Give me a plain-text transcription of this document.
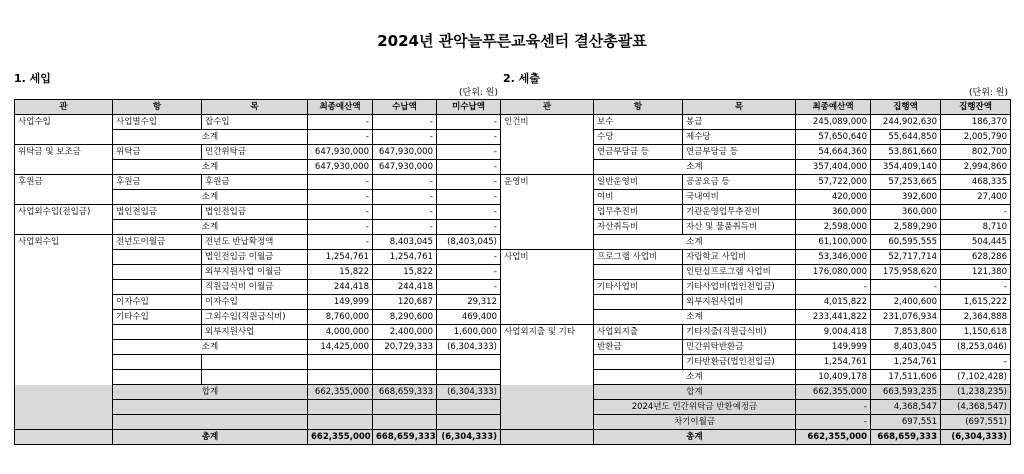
2024년 관악늘푸른교육센터 결산총괄표
1. 세입
(단위: 원)
2. 세출
(단위: 원)
관	항	목	최종예산액	수납액	미수납액
사업수입	사업별수입	잡수입	-	-	-
	소계		-	-	-
위탁금 및 보조금	위탁금	민간위탁금	647,930,000	647,930,000	-
	소계		647,930,000	647,930,000	-
후원금	후원금	후원금	-	-	-
	소계		-	-	-
사업외수입(전입금)	법인전입금	법인전입금	-	-	-
	소계		-	-	-
사업외수입	전년도이월금	전년도 반납확정액	-	8,403,045	(8,403,045)
		법인전입금 이월금	1,254,761	1,254,761	-
		외부지원사업 이월금	15,822	15,822	-
		직원급식비 이월금	244,418	244,418	-
	이자수입	이자수입	149,999	120,687	29,312
	기타수입	그외수입(직원급식비)	8,760,000	8,290,600	469,400
		외부지원사업	4,000,000	2,400,000	1,600,000
	소계		14,425,000	20,729,333	(6,304,333)

	합계		662,355,000	668,659,333	(6,304,333)

	총계		662,355,000	668,659,333	(6,304,333)
관	항	목	최종예산액	집행액	집행잔액
인건비	보수	봉급	245,089,000	244,902,630	186,370
	수당	제수당	57,650,640	55,644,850	2,005,790
	연금부담금 등	연금부담금 등	54,664,360	53,861,660	802,700
	소계		357,404,000	354,409,140	2,994,860
운영비	일반운영비	공공요금 등	57,722,000	57,253,665	468,335
	여비	국내여비	420,000	392,600	27,400
	업무추진비	기관운영업무추진비	360,000	360,000	-
	자산취득비	자산 및 물품취득비	2,598,000	2,589,290	8,710
	소계		61,100,000	60,595,555	504,445
사업비	프로그램 사업비	자립학교 사업비	53,346,000	52,717,714	628,286
		인턴십프로그램 사업비	176,080,000	175,958,620	121,380
	기타사업비	기타사업비(법인전입금)	-	-	-
		외부지원사업비	4,015,822	2,400,600	1,615,222
	소계		233,441,822	231,076,934	2,364,888
사업외지출 및 기타	사업외지출	기타지출(직원급식비)	9,004,418	7,853,800	1,150,618
	반환금	민간위탁반환금	149,999	8,403,045	(8,253,046)
		기타반환금(법인전입금)	1,254,761	1,254,761	-
	소계		10,409,178	17,511,606	(7,102,428)
	합계		662,355,000	663,593,235	(1,238,235)
	2024년도 민간위탁금 반환예정금		-	4,368,547	(4,368,547)
	차기이월금		-	697,551	(697,551)
	총계		662,355,000	668,659,333	(6,304,333)
